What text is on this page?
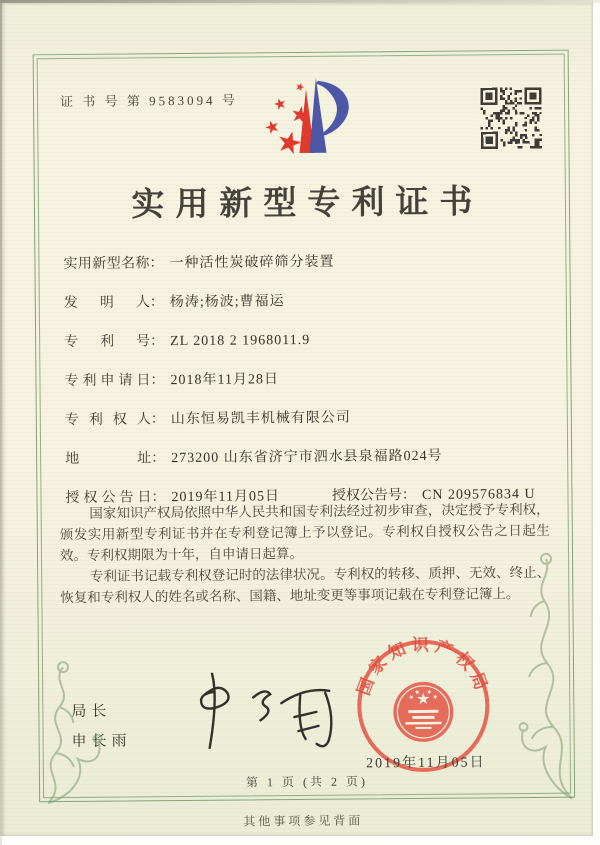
证 书 号 第 9583094 号
实用新型专利证书
实用新型名称： 一种活性炭破碎筛分装置
发明人： 杨涛;杨波;曹福运
专利号： ZL 2018 2 1968011.9
专利申请日： 2018年11月28日
专利权人： 山东恒易凯丰机械有限公司
地址： 273200 山东省济宁市泗水县泉福路024号
授权公告日： 2019年11月05日	授权公告号： CN 209576834 U

国家知识产权局依照中华人民共和国专利法经过初步审查，决定授予专利权，颁发实用新型专利证书并在专利登记簿上予以登记。专利权自授权公告之日起生效。专利权期限为十年，自申请日起算。

专利证书记载专利权登记时的法律状况。专利权的转移、质押、无效、终止、恢复和专利权人的姓名或名称、国籍、地址变更等事项记载在专利登记簿上。

局长
申长雨
国家知识产权局
2019年11月05日
第 1 页 (共 2 页)
其他事项参见背面
